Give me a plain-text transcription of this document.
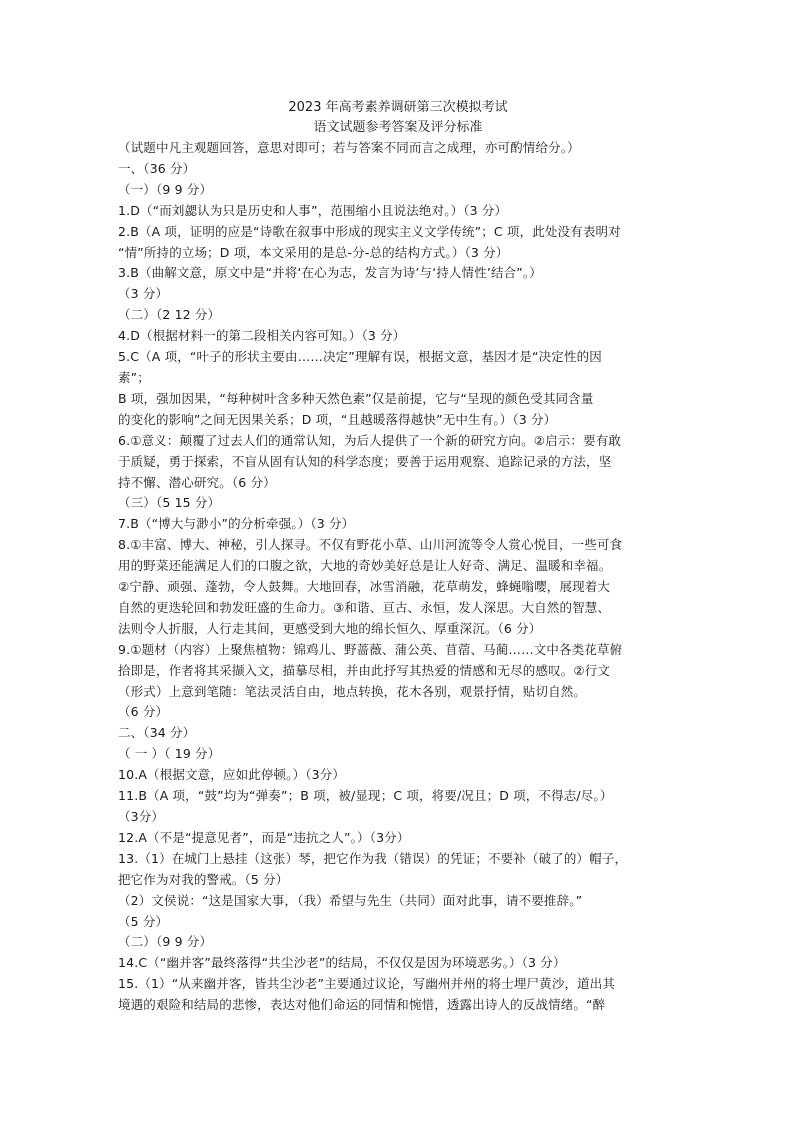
2023 年高考素养调研第三次模拟考试
语文试题参考答案及评分标准
（试题中凡主观题回答，意思对即可；若与答案不同而言之成理，亦可酌情给分。）
一、（36 分）
（一）（9 9 分）
1.D（“而刘勰认为只是历史和人事”，范围缩小且说法绝对。）（3 分）
2.B（A 项，证明的应是“诗歌在叙事中形成的现实主义文学传统”；C 项，此处没有表明对
“情”所持的立场；D 项，本文采用的是总-分-总的结构方式。）（3 分）
3.B（曲解文意，原文中是“并将‘在心为志，发言为诗’与‘持人情性’结合”。）
（3 分）
（二）（2 12 分）
4.D（根据材料一的第二段相关内容可知。）（3 分）
5.C（A 项，“叶子的形状主要由……决定”理解有误，根据文意，基因才是“决定性的因
素”；
B 项，强加因果，“每种树叶含多种天然色素”仅是前提，它与“呈现的颜色受其同含量
的变化的影响”之间无因果关系；D 项，“且越暖落得越快”无中生有。）（3 分）
6.①意义：颠覆了过去人们的通常认知，为后人提供了一个新的研究方向。②启示：要有敢
于质疑，勇于探索，不盲从固有认知的科学态度；要善于运用观察、追踪记录的方法，坚
持不懈、潜心研究。（6 分）
（三）（5 15 分）
7.B（“博大与渺小”的分析牵强。）（3 分）
8.①丰富、博大、神秘，引人探寻。不仅有野花小草、山川河流等令人赏心悦目，一些可食
用的野菜还能满足人们的口腹之欲，大地的奇妙美好总是让人好奇、满足、温暖和幸福。
②宁静、顽强、蓬勃，令人鼓舞。大地回春，冰雪消融，花草萌发，蜂蝇嗡嘤，展现着大
自然的更迭轮回和勃发旺盛的生命力。③和谐、亘古、永恒，发人深思。大自然的智慧、
法则令人折服，人行走其间，更感受到大地的绵长恒久、厚重深沉。（6 分）
9.①题材（内容）上聚焦植物：锦鸡儿、野蔷薇、蒲公英、苜蓿、马蔺……文中各类花草俯
拾即是，作者将其采撷入文，描摹尽相，并由此抒写其热爱的情感和无尽的感叹。②行文
（形式）上意到笔随：笔法灵活自由，地点转换，花木各别，观景抒情，贴切自然。
（6 分）
二、（34 分）
（ 一 ）（ 19 分）
10.A（根据文意，应如此停顿。）（3分）
11.B（A 项，“鼓”均为“弹奏”；B 项，被/显现；C 项，将要/况且；D 项，不得志/尽。）
（3分）
12.A（不是“提意见者”，而是“违抗之人”。）（3分）
13.（1）在城门上悬挂（这张）琴，把它作为我（错误）的凭证；不要补（破了的）帽子，
把它作为对我的警戒。（5 分）
（2）文侯说：“这是国家大事，（我）希望与先生（共同）面对此事，请不要推辞。”
（5 分）
（二）（9 9 分）
14.C（“幽并客”最终落得“共尘沙老”的结局，不仅仅是因为环境恶劣。）（3 分）
15.（1）“从来幽并客，皆共尘沙老”主要通过议论，写幽州并州的将士埋尸黄沙，道出其
境遇的艰险和结局的悲惨，表达对他们命运的同情和惋惜，透露出诗人的反战情绪。“醉
